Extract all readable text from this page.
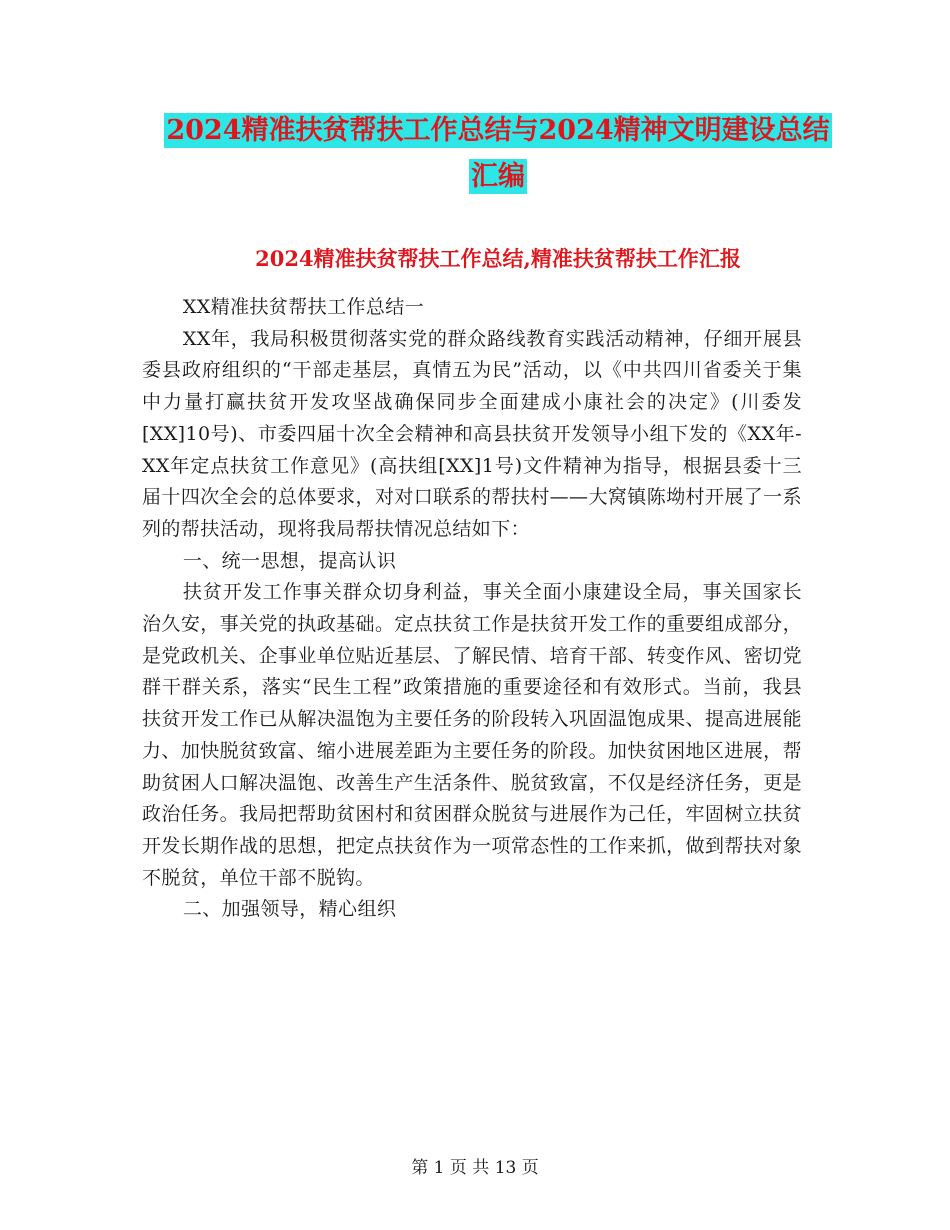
2024精准扶贫帮扶工作总结与2024精神文明建设总结
汇编
2024精准扶贫帮扶工作总结,精准扶贫帮扶工作汇报

XX精准扶贫帮扶工作总结一

XX年，我局积极贯彻落实党的群众路线教育实践活动精神，仔细开展县委县政府组织的“干部走基层，真情五为民”活动，以《中共四川省委关于集中力量打赢扶贫开发攻坚战确保同步全面建成小康社会的决定》(川委发[XX]10号)、市委四届十次全会精神和高县扶贫开发领导小组下发的《XX年-XX年定点扶贫工作意见》(高扶组[XX]1号)文件精神为指导，根据县委十三届十四次全会的总体要求，对对口联系的帮扶村——大窝镇陈坳村开展了一系列的帮扶活动，现将我局帮扶情况总结如下：

一、统一思想，提高认识

扶贫开发工作事关群众切身利益，事关全面小康建设全局，事关国家长治久安，事关党的执政基础。定点扶贫工作是扶贫开发工作的重要组成部分，是党政机关、企事业单位贴近基层、了解民情、培育干部、转变作风、密切党群干群关系，落实“民生工程”政策措施的重要途径和有效形式。当前，我县扶贫开发工作已从解决温饱为主要任务的阶段转入巩固温饱成果、提高进展能力、加快脱贫致富、缩小进展差距为主要任务的阶段。加快贫困地区进展，帮助贫困人口解决温饱、改善生产生活条件、脱贫致富，不仅是经济任务，更是政治任务。我局把帮助贫困村和贫困群众脱贫与进展作为己任，牢固树立扶贫开发长期作战的思想，把定点扶贫作为一项常态性的工作来抓，做到帮扶对象不脱贫，单位干部不脱钩。

二、加强领导，精心组织

第 1 页 共 13 页
